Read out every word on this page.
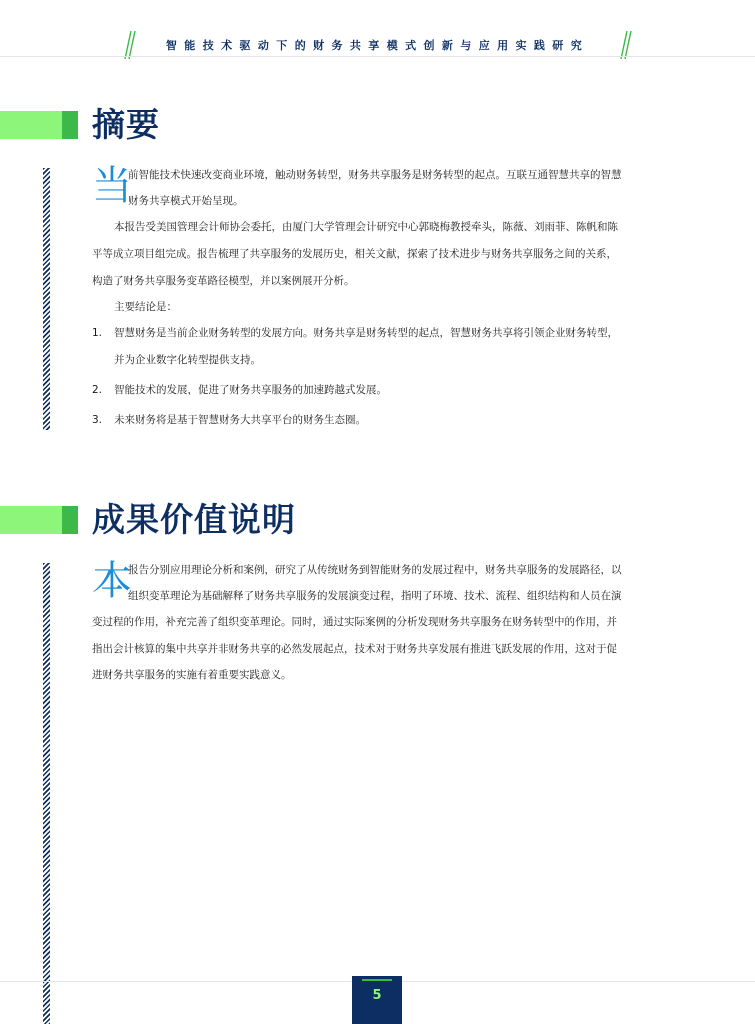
智能技术驱动下的财务共享模式创新与应用实践研究
摘要
当
前智能技术快速改变商业环境，触动财务转型，财务共享服务是财务转型的起点。互联互通智慧共享的智慧
财务共享模式开始呈现。
本报告受美国管理会计师协会委托，由厦门大学管理会计研究中心郭晓梅教授牵头，陈薇、刘雨菲、陈帆和陈
平等成立项目组完成。报告梳理了共享服务的发展历史，相关文献，探索了技术进步与财务共享服务之间的关系，
构造了财务共享服务变革路径模型，并以案例展开分析。
主要结论是：
1. 智慧财务是当前企业财务转型的发展方向。财务共享是财务转型的起点，智慧财务共享将引领企业财务转型，
并为企业数字化转型提供支持。
2. 智能技术的发展，促进了财务共享服务的加速跨越式发展。
3. 未来财务将是基于智慧财务大共享平台的财务生态圈。
成果价值说明
本
报告分别应用理论分析和案例，研究了从传统财务到智能财务的发展过程中，财务共享服务的发展路径，以
组织变革理论为基础解释了财务共享服务的发展演变过程，指明了环境、技术、流程、组织结构和人员在演
变过程的作用，补充完善了组织变革理论。同时，通过实际案例的分析发现财务共享服务在财务转型中的作用，并
指出会计核算的集中共享并非财务共享的必然发展起点，技术对于财务共享发展有推进飞跃发展的作用，这对于促
进财务共享服务的实施有着重要实践意义。
5
